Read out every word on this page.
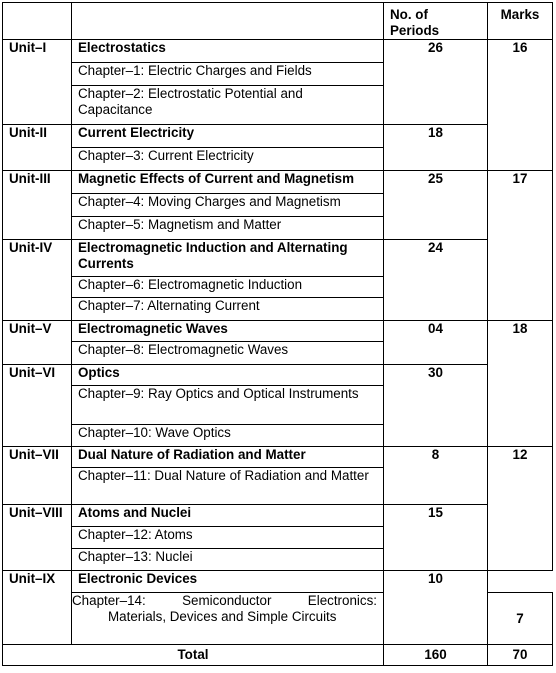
		No. of
Periods	Marks
Unit–I	Electrostatics	26	16
	Chapter–1: Electric Charges and Fields		
	Chapter–2: Electrostatic Potential and Capacitance		
Unit-II	Current Electricity	18	
	Chapter–3: Current Electricity		
Unit-III	Magnetic Effects of Current and Magnetism	25	17
	Chapter–4: Moving Charges and Magnetism		
	Chapter–5: Magnetism and Matter		
Unit-IV	Electromagnetic Induction and Alternating Currents	24	
	Chapter–6: Electromagnetic Induction		
	Chapter–7: Alternating Current		
Unit–V	Electromagnetic Waves	04	18
	Chapter–8: Electromagnetic Waves		
Unit–VI	Optics	30	
	Chapter–9: Ray Optics and Optical Instruments		
	Chapter–10: Wave Optics		
Unit–VII	Dual Nature of Radiation and Matter	8	12
	Chapter–11: Dual Nature of Radiation and Matter		
Unit–VIII	Atoms and Nuclei	15	
	Chapter–12: Atoms		
	Chapter–13: Nuclei		
Unit–IX	Electronic Devices	10	

	Chapter–14: Semiconductor Electronics:
Materials, Devices and Simple Circuits		7
Total		160	70
